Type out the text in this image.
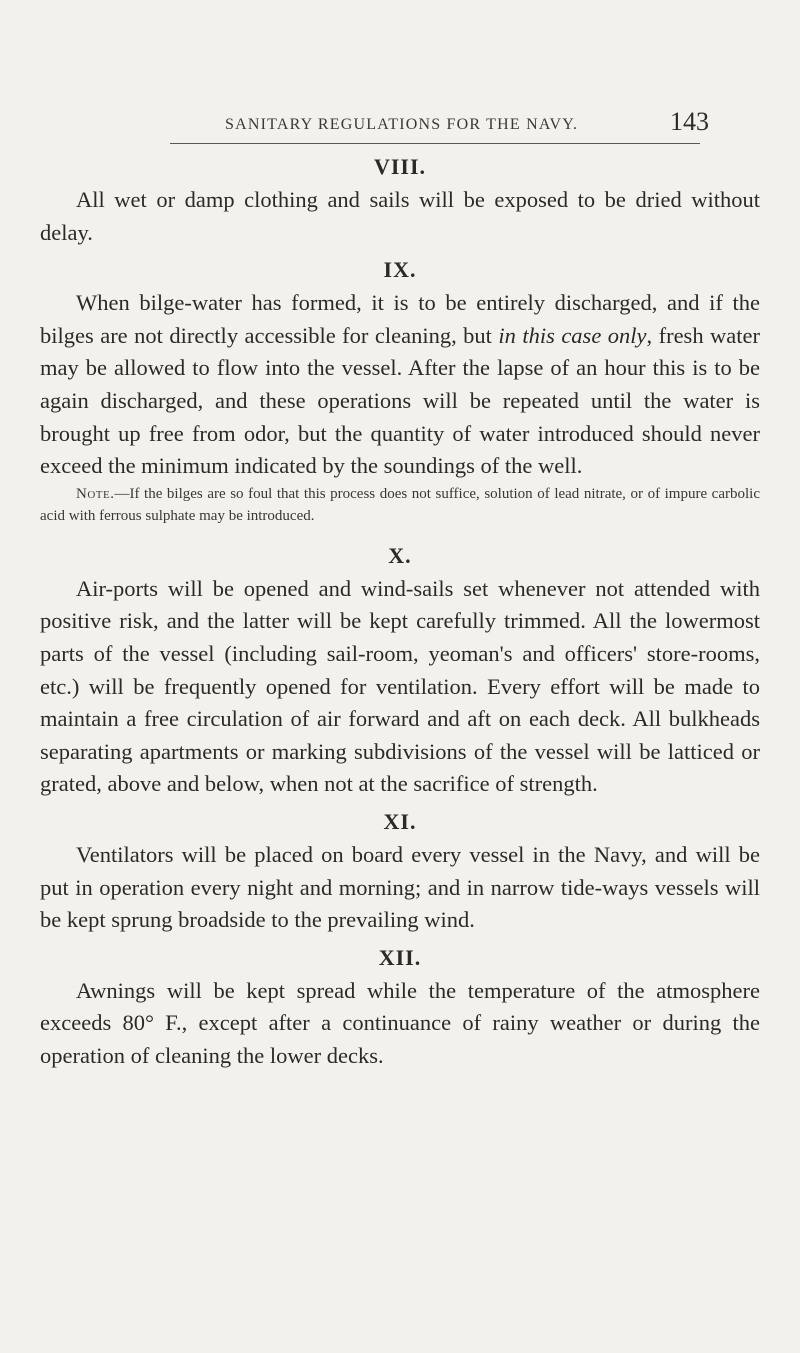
SANITARY REGULATIONS FOR THE NAVY.	143
VIII.

All wet or damp clothing and sails will be exposed to be dried without delay.

IX.

When bilge-water has formed, it is to be entirely discharged, and if the bilges are not directly accessible for cleaning, but in this case only, fresh water may be allowed to flow into the vessel. After the lapse of an hour this is to be again discharged, and these operations will be repeated until the water is brought up free from odor, but the quantity of water introduced should never exceed the minimum indicated by the soundings of the well.

Note.—If the bilges are so foul that this process does not suffice, solution of lead nitrate, or of impure carbolic acid with ferrous sulphate may be introduced.

X.

Air-ports will be opened and wind-sails set whenever not attended with positive risk, and the latter will be kept carefully trimmed. All the lowermost parts of the vessel (including sail-room, yeoman's and officers' store-rooms, etc.) will be frequently opened for ventilation. Every effort will be made to maintain a free circulation of air forward and aft on each deck. All bulkheads separating apartments or marking subdivisions of the vessel will be latticed or grated, above and below, when not at the sacrifice of strength.

XI.

Ventilators will be placed on board every vessel in the Navy, and will be put in operation every night and morning; and in narrow tide-ways vessels will be kept sprung broadside to the prevailing wind.

XII.

Awnings will be kept spread while the temperature of the atmosphere exceeds 80° F., except after a continuance of rainy weather or during the operation of cleaning the lower decks.
